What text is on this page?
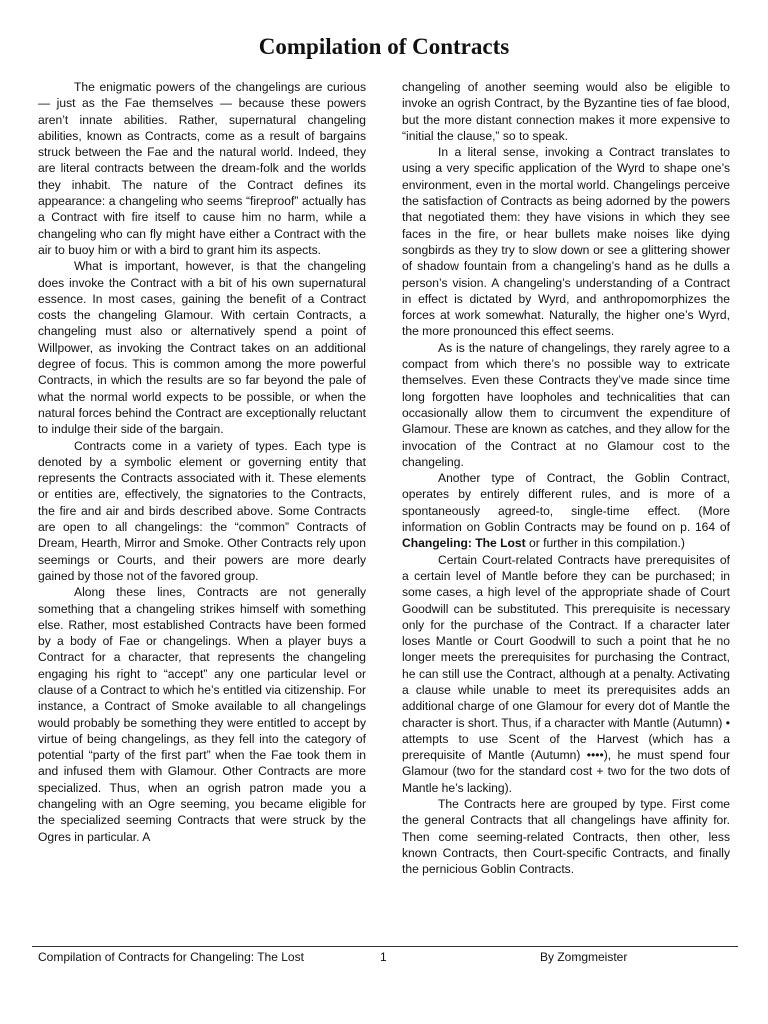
Compilation of Contracts

The enigmatic powers of the changelings are curious — just as the Fae themselves — because these powers aren’t innate abilities. Rather, supernatural changeling abilities, known as Contracts, come as a result of bargains struck between the Fae and the natural world. Indeed, they are literal contracts between the dream-folk and the worlds they inhabit. The nature of the Contract defines its appearance: a changeling who seems “fireproof” actually has a Contract with fire itself to cause him no harm, while a changeling who can fly might have either a Contract with the air to buoy him or with a bird to grant him its aspects.

What is important, however, is that the changeling does invoke the Contract with a bit of his own supernatural essence. In most cases, gaining the benefit of a Contract costs the changeling Glamour. With certain Contracts, a changeling must also or alternatively spend a point of Willpower, as invoking the Contract takes on an additional degree of focus. This is common among the more powerful Contracts, in which the results are so far beyond the pale of what the normal world expects to be possible, or when the natural forces behind the Contract are exceptionally reluctant to indulge their side of the bargain.

Contracts come in a variety of types. Each type is denoted by a symbolic element or governing entity that represents the Contracts associated with it. These elements or entities are, effectively, the signatories to the Contracts, the fire and air and birds described above. Some Contracts are open to all changelings: the “common” Contracts of Dream, Hearth, Mirror and Smoke. Other Contracts rely upon seemings or Courts, and their powers are more dearly gained by those not of the favored group.

Along these lines, Contracts are not generally something that a changeling strikes himself with something else. Rather, most established Contracts have been formed by a body of Fae or changelings. When a player buys a Contract for a character, that represents the changeling engaging his right to “accept” any one particular level or clause of a Contract to which he’s entitled via citizenship. For instance, a Contract of Smoke available to all changelings would probably be something they were entitled to accept by virtue of being changelings, as they fell into the category of potential “party of the first part” when the Fae took them in and infused them with Glamour. Other Contracts are more specialized. Thus, when an ogrish patron made you a changeling with an Ogre seeming, you became eligible for the specialized seeming Contracts that were struck by the Ogres in particular. A

changeling of another seeming would also be eligible to invoke an ogrish Contract, by the Byzantine ties of fae blood, but the more distant connection makes it more expensive to “initial the clause,” so to speak.

In a literal sense, invoking a Contract translates to using a very specific application of the Wyrd to shape one’s environment, even in the mortal world. Changelings perceive the satisfaction of Contracts as being adorned by the powers that negotiated them: they have visions in which they see faces in the fire, or hear bullets make noises like dying songbirds as they try to slow down or see a glittering shower of shadow fountain from a changeling’s hand as he dulls a person’s vision. A changeling’s understanding of a Contract in effect is dictated by Wyrd, and anthropomorphizes the forces at work somewhat. Naturally, the higher one’s Wyrd, the more pronounced this effect seems.

As is the nature of changelings, they rarely agree to a compact from which there’s no possible way to extricate themselves. Even these Contracts they’ve made since time long forgotten have loopholes and technicalities that can occasionally allow them to circumvent the expenditure of Glamour. These are known as catches, and they allow for the invocation of the Contract at no Glamour cost to the changeling.

Another type of Contract, the Goblin Contract, operates by entirely different rules, and is more of a spontaneously agreed-to, single-time effect. (More information on Goblin Contracts may be found on p. 164 of Changeling: The Lost or further in this compilation.)

Certain Court-related Contracts have prerequisites of a certain level of Mantle before they can be purchased; in some cases, a high level of the appropriate shade of Court Goodwill can be substituted. This prerequisite is necessary only for the purchase of the Contract. If a character later loses Mantle or Court Goodwill to such a point that he no longer meets the prerequisites for purchasing the Contract, he can still use the Contract, although at a penalty. Activating a clause while unable to meet its prerequisites adds an additional charge of one Glamour for every dot of Mantle the character is short. Thus, if a character with Mantle (Autumn) • attempts to use Scent of the Harvest (which has a prerequisite of Mantle (Autumn) ••••), he must spend four Glamour (two for the standard cost + two for the two dots of Mantle he’s lacking).

The Contracts here are grouped by type. First come the general Contracts that all changelings have affinity for. Then come seeming-related Contracts, then other, less known Contracts, then Court-specific Contracts, and finally the pernicious Goblin Contracts.

Compilation of Contracts for Changeling: The Lost	1	By Zomgmeister
